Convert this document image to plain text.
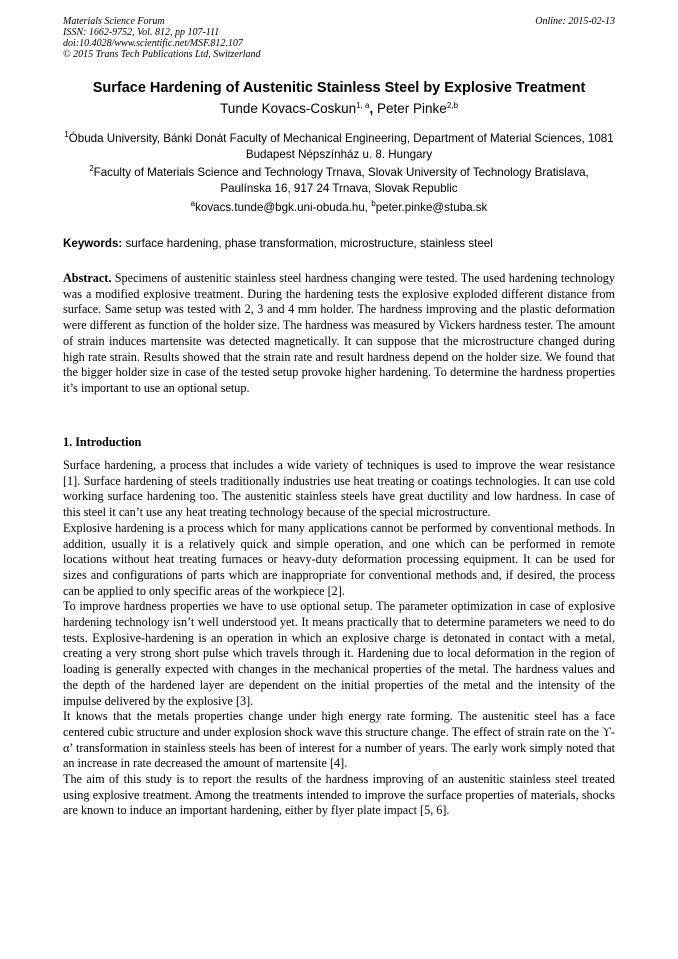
Materials Science Forum
ISSN: 1662-9752, Vol. 812, pp 107-111
doi:10.4028/www.scientific.net/MSF.812.107
© 2015 Trans Tech Publications Ltd, Switzerland
Online: 2015-02-13
Surface Hardening of Austenitic Stainless Steel by Explosive Treatment
Tunde Kovacs-Coskun$^{1, a}$, Peter Pinke$^{2,b}$
$^1$Óbuda University, Bánki Donát Faculty of Mechanical Engineering, Department of Material Sciences, 1081 Budapest Népszínház u. 8. Hungary
$^2$Faculty of Materials Science and Technology Trnava, Slovak University of Technology Bratislava, Paulínska 16, 917 24 Trnava, Slovak Republic
$^a$kovacs.tunde@bgk.uni-obuda.hu, $^b$peter.pinke@stuba.sk
Keywords: surface hardening, phase transformation, microstructure, stainless steel
Abstract. Specimens of austenitic stainless steel hardness changing were tested. The used hardening technology was a modified explosive treatment. During the hardening tests the explosive exploded different distance from surface. Same setup was tested with 2, 3 and 4 mm holder. The hardness improving and the plastic deformation were different as function of the holder size. The hardness was measured by Vickers hardness tester. The amount of strain induces martensite was detected magnetically. It can suppose that the microstructure changed during high rate strain. Results showed that the strain rate and result hardness depend on the holder size. We found that the bigger holder size in case of the tested setup provoke higher hardening. To determine the hardness properties it’s important to use an optional setup.
1. Introduction

Surface hardening, a process that includes a wide variety of techniques is used to improve the wear resistance [1]. Surface hardening of steels traditionally industries use heat treating or coatings technologies. It can use cold working surface hardening too. The austenitic stainless steels have great ductility and low hardness. In case of this steel it can’t use any heat treating technology because of the special microstructure.

Explosive hardening is a process which for many applications cannot be performed by conventional methods. In addition, usually it is a relatively quick and simple operation, and one which can be performed in remote locations without heat treating furnaces or heavy-duty deformation processing equipment. It can be used for sizes and configurations of parts which are inappropriate for conventional methods and, if desired, the process can be applied to only specific areas of the workpiece [2].

To improve hardness properties we have to use optional setup. The parameter optimization in case of explosive hardening technology isn’t well understood yet. It means practically that to determine parameters we need to do tests. Explosive-hardening is an operation in which an explosive charge is detonated in contact with a metal, creating a very strong short pulse which travels through it. Hardening due to local deformation in the region of loading is generally expected with changes in the mechanical properties of the metal. The hardness values and the depth of the hardened layer are dependent on the initial properties of the metal and the intensity of the impulse delivered by the explosive [3].

It knows that the metals properties change under high energy rate forming. The austenitic steel has a face centered cubic structure and under explosion shock wave this structure change. The effect of strain rate on the ϒ-α’ transformation in stainless steels has been of interest for a number of years. The early work simply noted that an increase in rate decreased the amount of martensite [4].

The aim of this study is to report the results of the hardness improving of an austenitic stainless steel treated using explosive treatment. Among the treatments intended to improve the surface properties of materials, shocks are known to induce an important hardening, either by flyer plate impact [5, 6].
